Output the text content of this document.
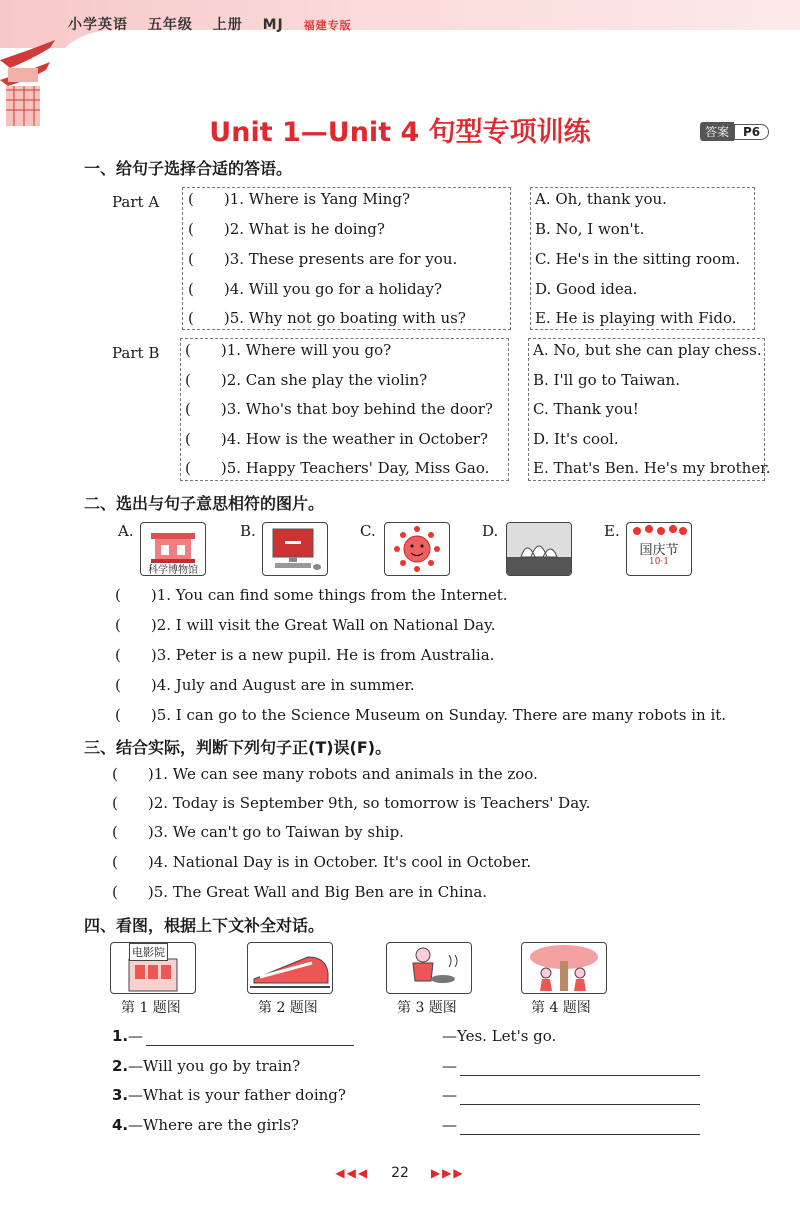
小学英语 五年级 上册 MJ 福建专版
Unit 1—Unit 4 句型专项训练	答案 P6
一、给句子选择合适的答语。
Part A (  )1. Where is Yang Ming?
(  )2. What is he doing?
(  )3. These presents are for you.
(  )4. Will you go for a holiday?
(  )5. Why not go boating with us?
A. Oh, thank you.
B. No, I won't.
C. He's in the sitting room.
D. Good idea.
E. He is playing with Fido.
Part B (  )1. Where will you go?
(  )2. Can she play the violin?
(  )3. Who's that boy behind the door?
(  )4. How is the weather in October?
(  )5. Happy Teachers' Day, Miss Gao.
A. No, but she can play chess.
B. I'll go to Taiwan.
C. Thank you!
D. It's cool.
E. That's Ben. He's my brother.
二、选出与句子意思相符的图片。
A.
科学博物馆
B.	C.	D.	E.
国庆节
10·1
(  )1. You can find some things from the Internet.
(  )2. I will visit the Great Wall on National Day.
(  )3. Peter is a new pupil. He is from Australia.
(  )4. July and August are in summer.
(  )5. I can go to the Science Museum on Sunday. There are many robots in it.
三、结合实际，判断下列句子正(T)误(F)。
(  )1. We can see many robots and animals in the zoo.
(  )2. Today is September 9th, so tomorrow is Teachers' Day.
(  )3. We can't go to Taiwan by ship.
(  )4. National Day is in October. It's cool in October.
(  )5. The Great Wall and Big Ben are in China.
四、看图，根据上下文补全对话。
电影院
第 1 题图	第 2 题图	第 3 题图	第 4 题图
1. —	—Yes. Let's go.
2. —Will you go by train?	—
3. —What is your father doing?	—
4. —Where are the girls?	—
◀◀◀ 22 ▶▶▶
